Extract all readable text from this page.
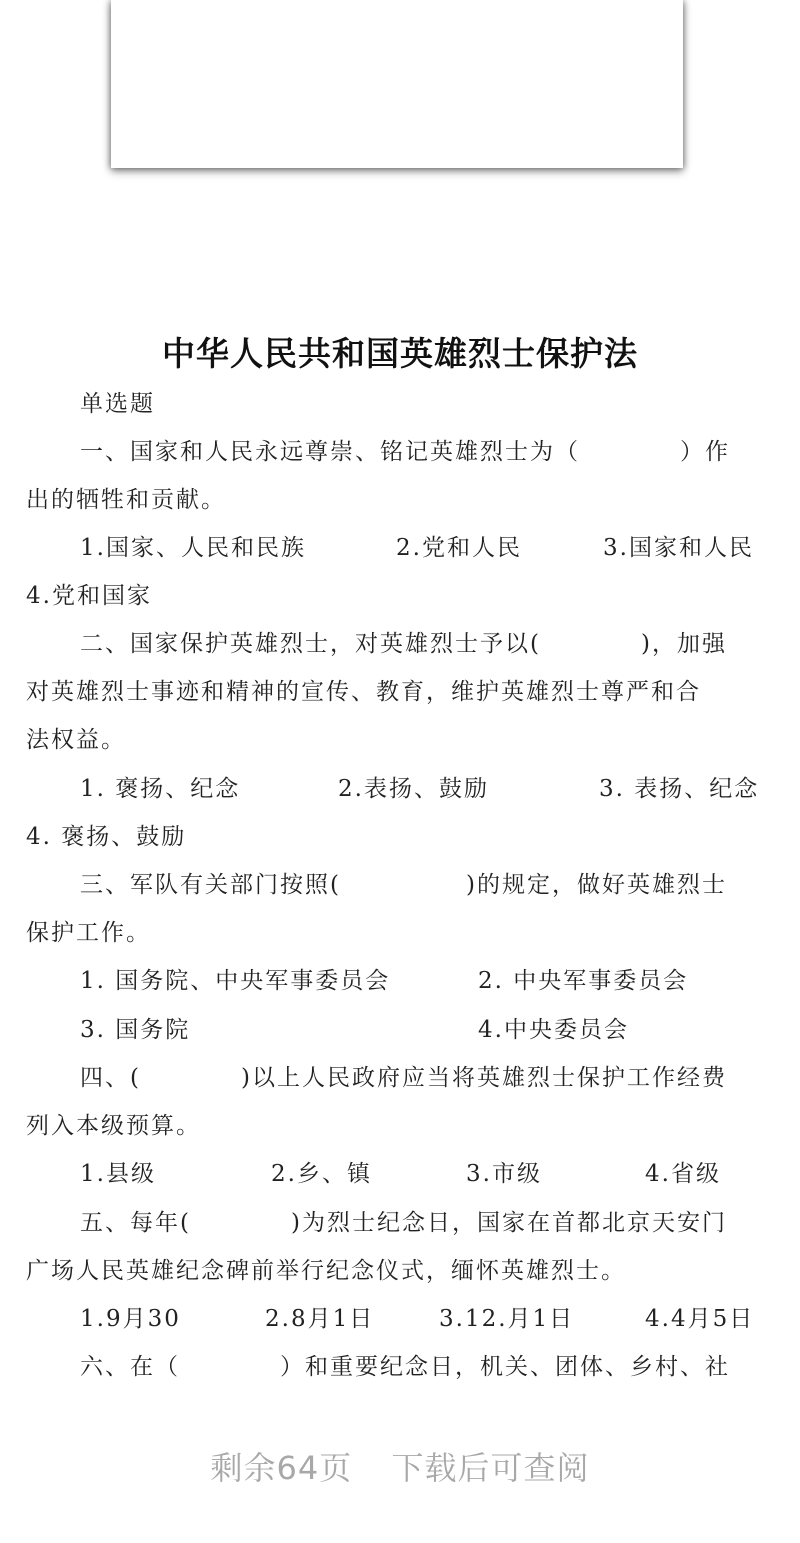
中华人民共和国英雄烈士保护法
单选题
一、国家和人民永远尊崇、铭记英雄烈士为（　　　　）作
出的牺牲和贡献。
1.国家、人民和民族	2.党和人民	3.国家和人民
4.党和国家
二、国家保护英雄烈士，对英雄烈士予以(　　　　)，加强
对英雄烈士事迹和精神的宣传、教育，维护英雄烈士尊严和合
法权益。
1. 褒扬、纪念	2.表扬、鼓励	3. 表扬、纪念
4. 褒扬、鼓励
三、军队有关部门按照(　　　　　)的规定，做好英雄烈士
保护工作。
1. 国务院、中央军事委员会	2. 中央军事委员会
3. 国务院	4.中央委员会
四、(　　　　)以上人民政府应当将英雄烈士保护工作经费
列入本级预算。
1.县级	2.乡、镇	3.市级	4.省级
五、每年(　　　　)为烈士纪念日，国家在首都北京天安门
广场人民英雄纪念碑前举行纪念仪式，缅怀英雄烈士。
1.9月30	2.8月1日	3.12.月1日	4.4月5日
六、在（　　　　）和重要纪念日，机关、团体、乡村、社
剩余64页 下载后可查阅
